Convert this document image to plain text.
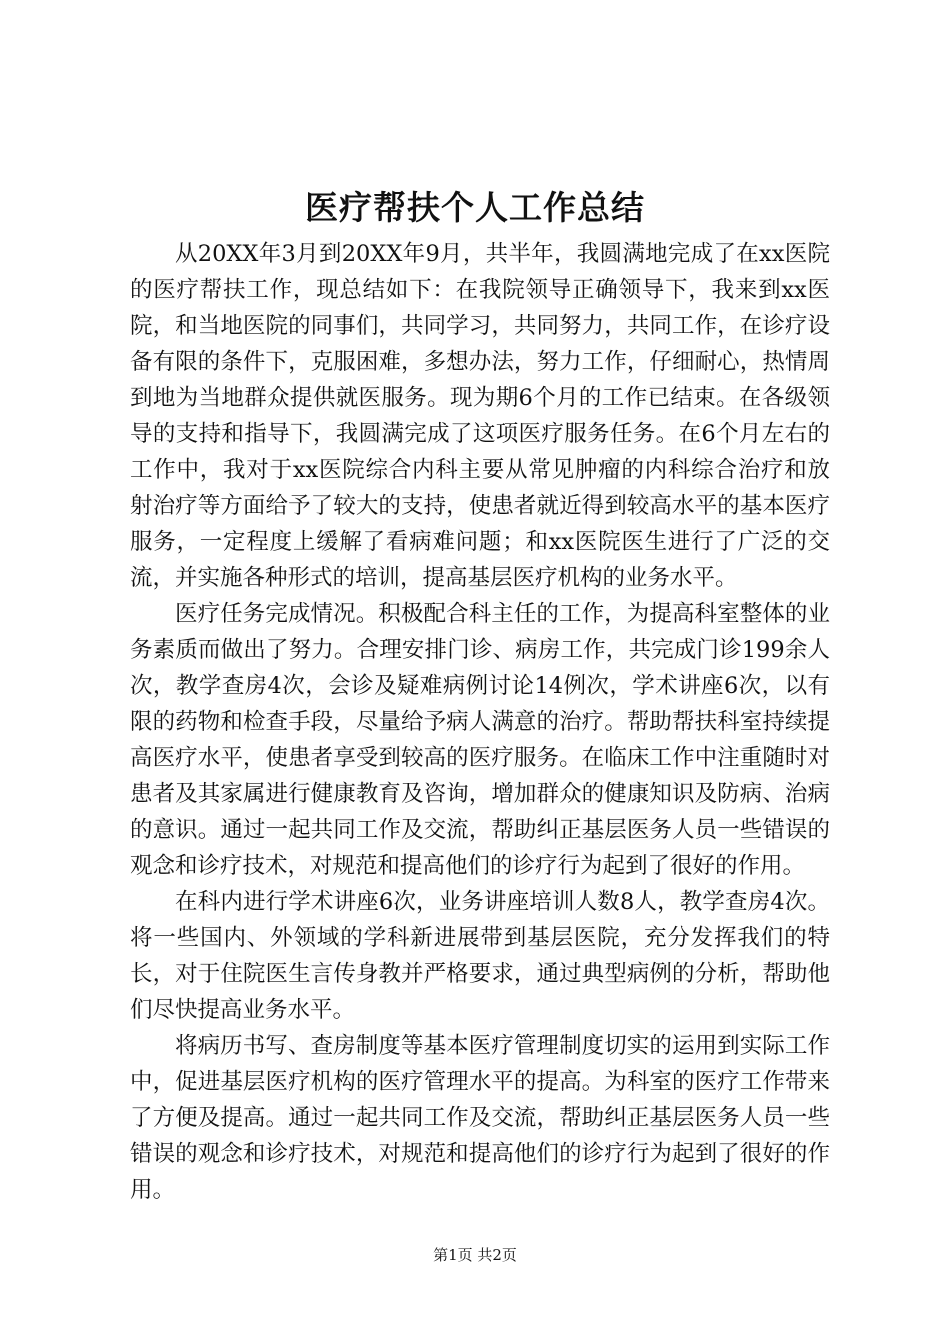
医疗帮扶个人工作总结

从20XX年3月到20XX年9月，共半年，我圆满地完成了在xx医院的医疗帮扶工作，现总结如下：在我院领导正确领导下，我来到xx医院，和当地医院的同事们，共同学习，共同努力，共同工作，在诊疗设备有限的条件下，克服困难，多想办法，努力工作，仔细耐心，热情周到地为当地群众提供就医服务。现为期6个月的工作已结束。在各级领导的支持和指导下，我圆满完成了这项医疗服务任务。在6个月左右的工作中，我对于xx医院综合内科主要从常见肿瘤的内科综合治疗和放射治疗等方面给予了较大的支持，使患者就近得到较高水平的基本医疗服务，一定程度上缓解了看病难问题；和xx医院医生进行了广泛的交流，并实施各种形式的培训，提高基层医疗机构的业务水平。

医疗任务完成情况。积极配合科主任的工作，为提高科室整体的业务素质而做出了努力。合理安排门诊、病房工作，共完成门诊199余人次，教学查房4次，会诊及疑难病例讨论14例次，学术讲座6次，以有限的药物和检查手段，尽量给予病人满意的治疗。帮助帮扶科室持续提高医疗水平，使患者享受到较高的医疗服务。在临床工作中注重随时对患者及其家属进行健康教育及咨询，增加群众的健康知识及防病、治病的意识。通过一起共同工作及交流，帮助纠正基层医务人员一些错误的观念和诊疗技术，对规范和提高他们的诊疗行为起到了很好的作用。

在科内进行学术讲座6次，业务讲座培训人数8人，教学查房4次。将一些国内、外领域的学科新进展带到基层医院，充分发挥我们的特长，对于住院医生言传身教并严格要求，通过典型病例的分析，帮助他们尽快提高业务水平。

将病历书写、查房制度等基本医疗管理制度切实的运用到实际工作中，促进基层医疗机构的医疗管理水平的提高。为科室的医疗工作带来了方便及提高。通过一起共同工作及交流，帮助纠正基层医务人员一些错误的观念和诊疗技术，对规范和提高他们的诊疗行为起到了很好的作用。

第1页 共2页
